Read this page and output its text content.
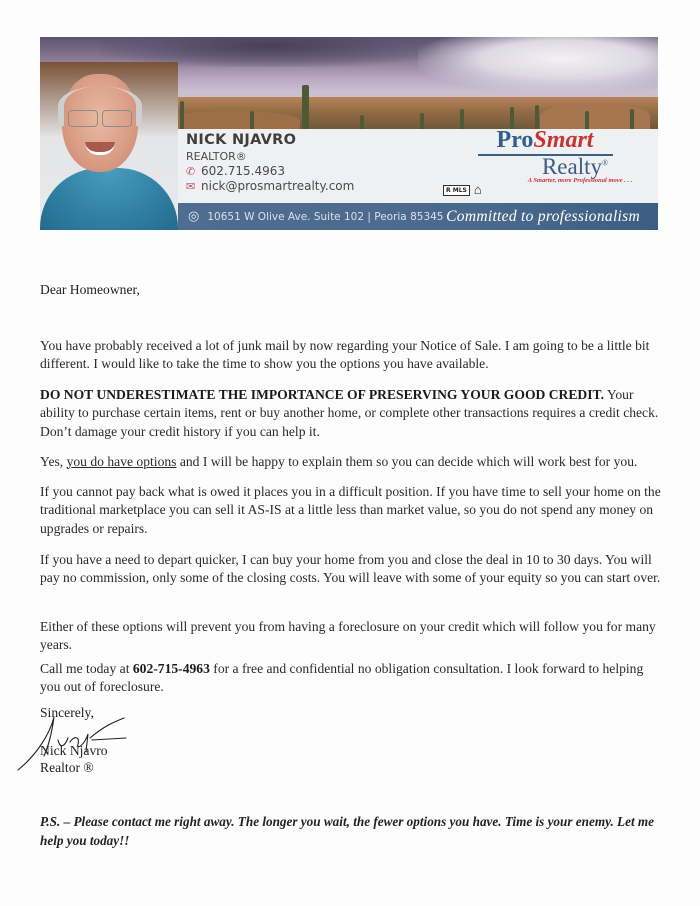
NICK NJAVRO
REALTOR®
✆ 602.715.4963
✉ nick@prosmartrealty.com
ProSmart
Realty®
A Smarter, more Professional move . . .
R MLS ⌂
◎ 10651 W Olive Ave. Suite 102 | Peoria 85345 Committed to professionalism
Dear Homeowner,

You have probably received a lot of junk mail by now regarding your Notice of Sale. I am going to be a little bit different. I would like to take the time to show you the options you have available.

DO NOT UNDERESTIMATE THE IMPORTANCE OF PRESERVING YOUR GOOD CREDIT. Your ability to purchase certain items, rent or buy another home, or complete other transactions requires a credit check. Don’t damage your credit history if you can help it.

Yes, you do have options and I will be happy to explain them so you can decide which will work best for you.

If you cannot pay back what is owed it places you in a difficult position. If you have time to sell your home on the traditional marketplace you can sell it AS-IS at a little less than market value, so you do not spend any money on upgrades or repairs.

If you have a need to depart quicker, I can buy your home from you and close the deal in 10 to 30 days. You will pay no commission, only some of the closing costs. You will leave with some of your equity so you can start over.

Either of these options will prevent you from having a foreclosure on your credit which will follow you for many years.

Call me today at 602-715-4963 for a free and confidential no obligation consultation. I look forward to helping you out of foreclosure.

Sincerely,
Nick Njavro
Realtor ®

P.S. – Please contact me right away. The longer you wait, the fewer options you have. Time is your enemy. Let me help you today!!
